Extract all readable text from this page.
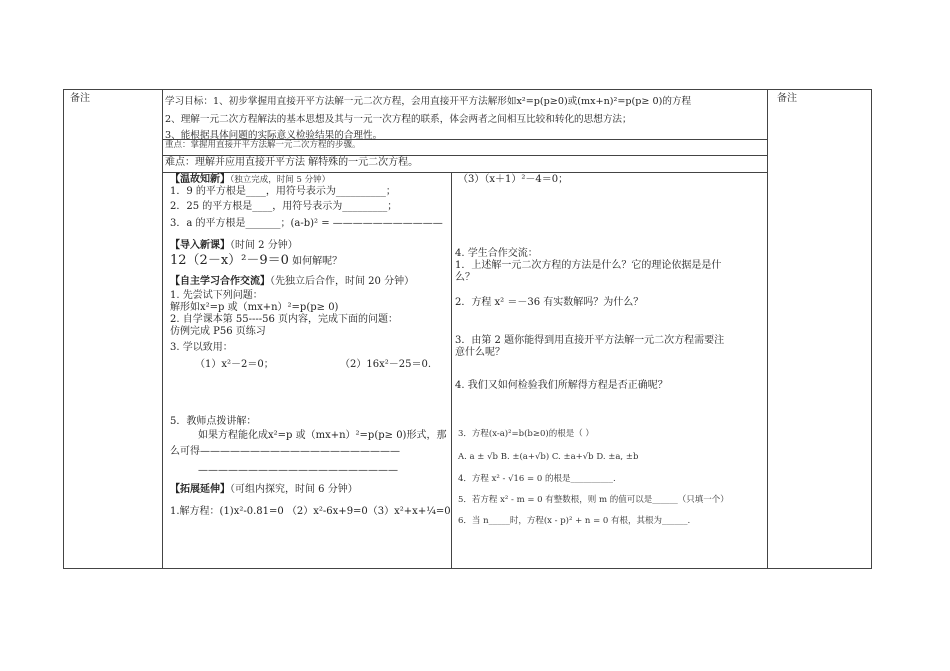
备注	备注
学习目标：1、初步掌握用直接开平方法解一元二次方程，会用直接开平方法解形如x²=p(p≥0)或(mx+n)²=p(p≥ 0)的方程
2、理解一元二次方程解法的基本思想及其与一元一次方程的联系，体会两者之间相互比较和转化的思想方法；
3、能根据具体问题的实际意义检验结果的合理性。
重点：掌握用直接开平方法解一元二次方程的步骤。
难点：理解并应用直接开平方法 解特殊的一元二次方程。
【温故知新】（独立完成，时间 5 分钟）
1．9 的平方根是____，用符号表示为__________；
2．25 的平方根是____，用符号表示为_________；
3．a 的平方根是_______；(a-b)² = ———————————
【导入新课】（时间 2 分钟）
12（2－x）²－9＝0 如何解呢？
【自主学习合作交流】（先独立后合作，时间 20 分钟）
1. 先尝试下列问题：
解形如x²=p 或（mx+n）²=p(p≥ 0)
2. 自学课本第 55----56 页内容，完成下面的问题：
仿例完成 P56 页练习
3. 学以致用：
（1）x²－2＝0；	（2）16x²－25＝0.
5．教师点拨讲解：
如果方程能化成x²=p 或（mx+n）²=p(p≥ 0)形式，那
么可得————————————————————
————————————————————
【拓展延伸】（可组内探究，时间 6 分钟）
1.解方程：(1)x²-0.81=0 （2）x²-6x+9=0（3）x²+x+¼=0
（3）（x＋1）²－4＝0；
4. 学生合作交流：
1．上述解一元二次方程的方法是什么？它的理论依据是是什
么？
2．方程 x² ＝－36 有实数解吗？为什么？
3．由第 2 题你能得到用直接开平方法解一元二次方程需要注
意什么呢？
4. 我们又如何检验我们所解得方程是否正确呢？
3．方程(x-a)²=b(b≥0)的根是（ ）
A. a ± √b B. ±(a+√b) C. ±a+√b D. ±a, ±b
4．方程 x² - √16 = 0 的根是__________.
5．若方程 x² - m = 0 有整数根，则 m 的值可以是______（只填一个）
6．当 n_____时，方程(x - p)² + n = 0 有根，其根为______.
